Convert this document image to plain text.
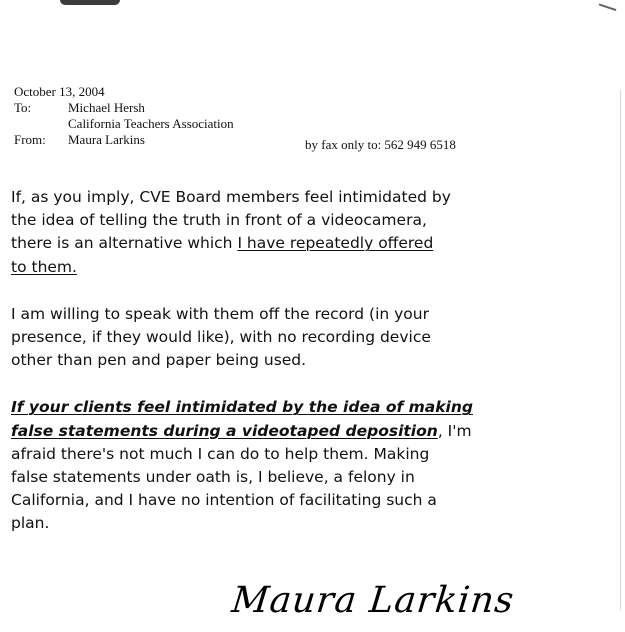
October 13, 2004
To:	Michael Hersh
California Teachers Association
From:	Maura Larkins	by fax only to: 562 949 6518
If, as you imply, CVE Board members feel intimidated by
the idea of telling the truth in front of a videocamera,
there is an alternative which I have repeatedly offered
to them.
I am willing to speak with them off the record (in your
presence, if they would like), with no recording device
other than pen and paper being used.
If your clients feel intimidated by the idea of making
false statements during a videotaped deposition, I'm
afraid there's not much I can do to help them. Making
false statements under oath is, I believe, a felony in
California, and I have no intention of facilitating such a
plan.
Maura Larkins
